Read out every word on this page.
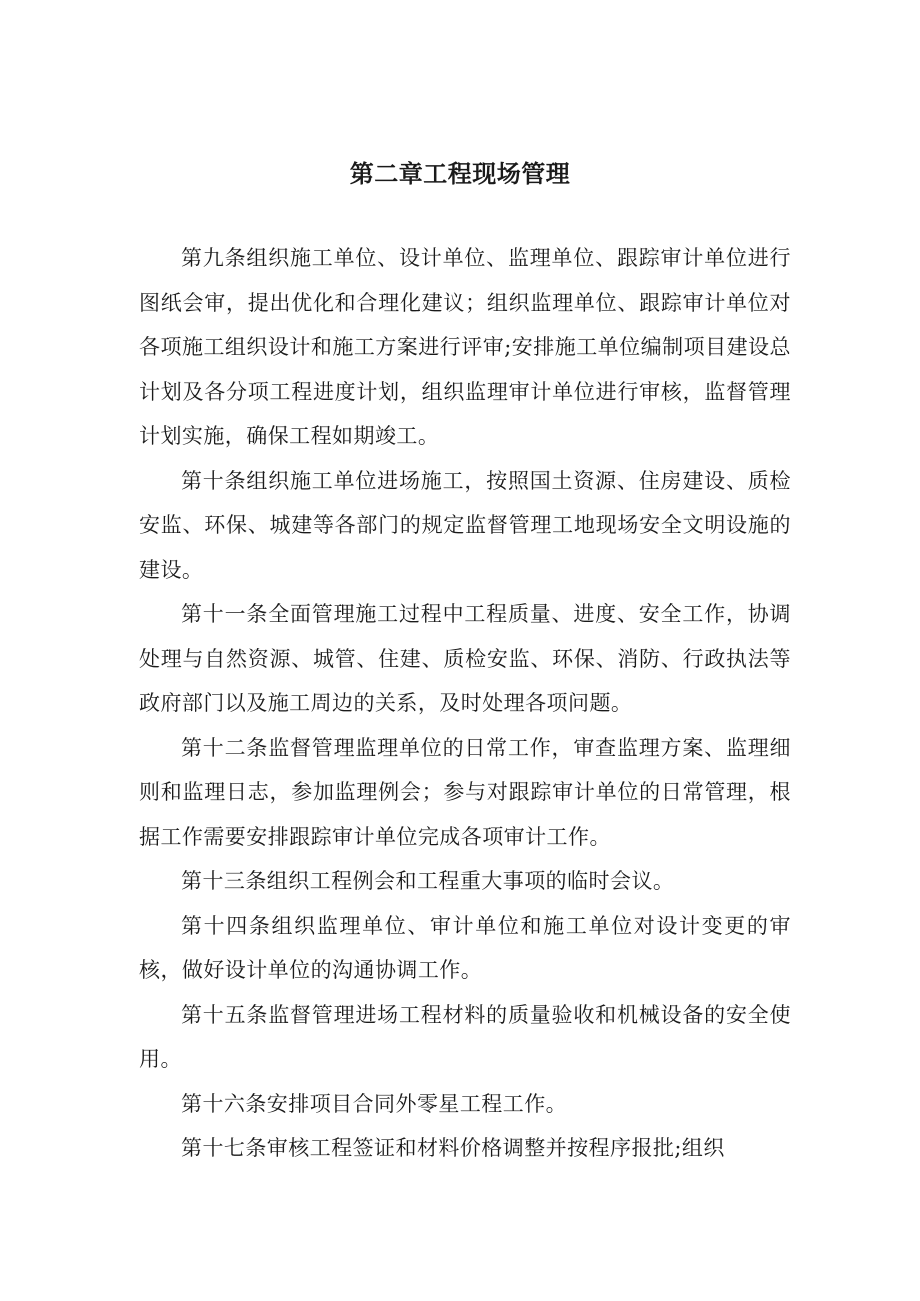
第二章工程现场管理

第九条组织施工单位、设计单位、监理单位、跟踪审计单位进行图纸会审，提出优化和合理化建议；组织监理单位、跟踪审计单位对各项施工组织设计和施工方案进行评审;安排施工单位编制项目建设总计划及各分项工程进度计划，组织监理审计单位进行审核，监督管理计划实施，确保工程如期竣工。

第十条组织施工单位进场施工，按照国土资源、住房建设、质检安监、环保、城建等各部门的规定监督管理工地现场安全文明设施的建设。

第十一条全面管理施工过程中工程质量、进度、安全工作，协调处理与自然资源、城管、住建、质检安监、环保、消防、行政执法等政府部门以及施工周边的关系，及时处理各项问题。

第十二条监督管理监理单位的日常工作，审查监理方案、监理细则和监理日志，参加监理例会；参与对跟踪审计单位的日常管理，根据工作需要安排跟踪审计单位完成各项审计工作。

第十三条组织工程例会和工程重大事项的临时会议。

第十四条组织监理单位、审计单位和施工单位对设计变更的审核，做好设计单位的沟通协调工作。

第十五条监督管理进场工程材料的质量验收和机械设备的安全使用。

第十六条安排项目合同外零星工程工作。

第十七条审核工程签证和材料价格调整并按程序报批;组织
